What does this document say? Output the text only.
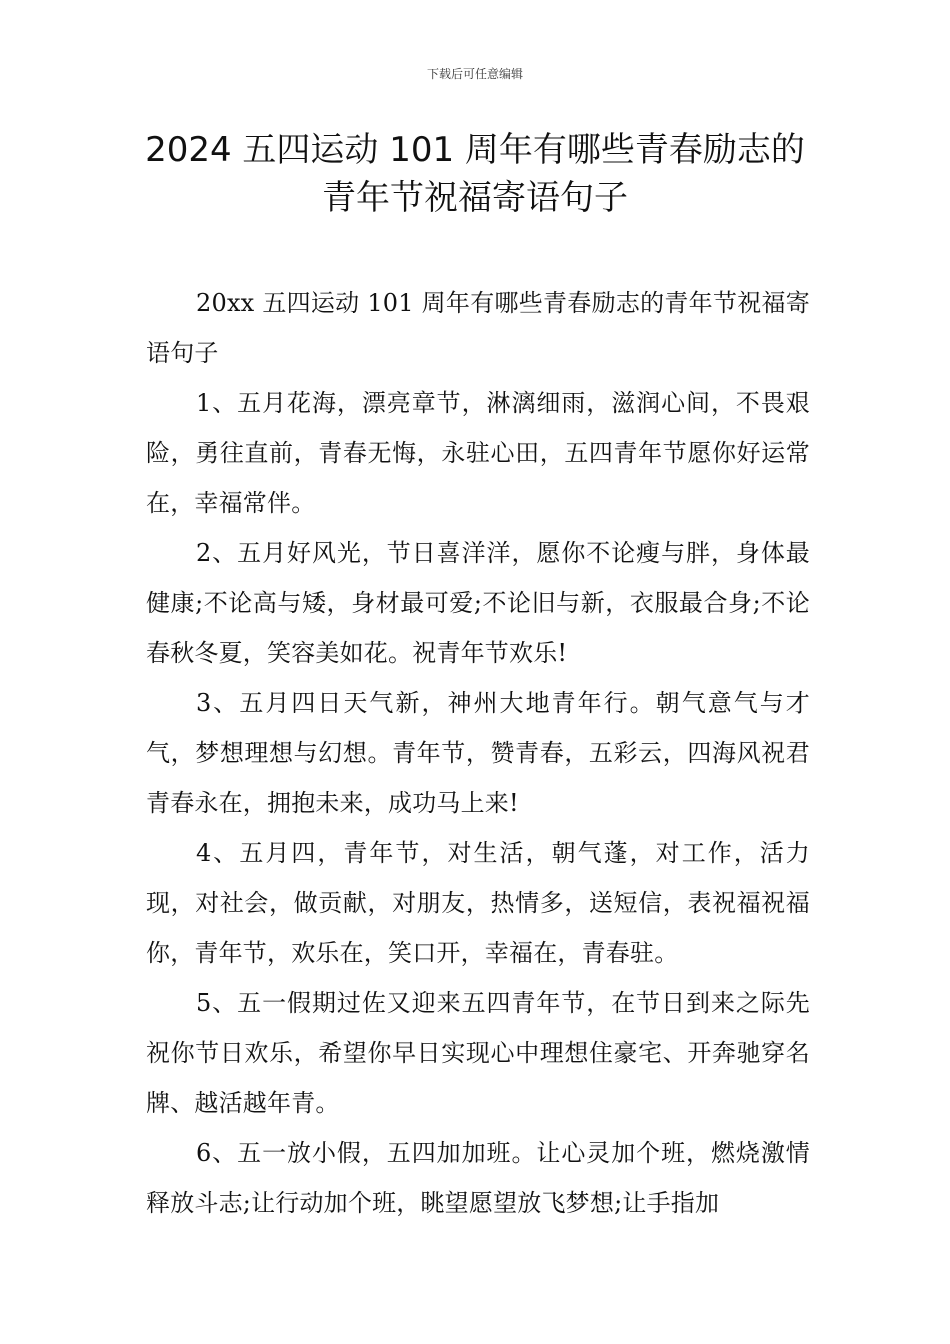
下载后可任意编辑
2024 五四运动 101 周年有哪些青春励志的
青年节祝福寄语句子

20xx 五四运动 101 周年有哪些青春励志的青年节祝福寄语句子

1、五月花海，漂亮章节，淋漓细雨，滋润心间，不畏艰险，勇往直前，青春无悔，永驻心田，五四青年节愿你好运常在，幸福常伴。

2、五月好风光，节日喜洋洋，愿你不论瘦与胖，身体最健康;不论高与矮，身材最可爱;不论旧与新，衣服最合身;不论春秋冬夏，笑容美如花。祝青年节欢乐!

3、五月四日天气新，神州大地青年行。朝气意气与才气，梦想理想与幻想。青年节，赞青春，五彩云，四海风祝君青春永在，拥抱未来，成功马上来!

4、五月四，青年节，对生活，朝气蓬，对工作，活力现，对社会，做贡献，对朋友，热情多，送短信，表祝福祝福你，青年节，欢乐在，笑口开，幸福在，青春驻。

5、五一假期过佐又迎来五四青年节，在节日到来之际先祝你节日欢乐，希望你早日实现心中理想住豪宅、开奔驰穿名牌、越活越年青。

6、五一放小假，五四加加班。让心灵加个班，燃烧激情释放斗志;让行动加个班，眺望愿望放飞梦想;让手指加
